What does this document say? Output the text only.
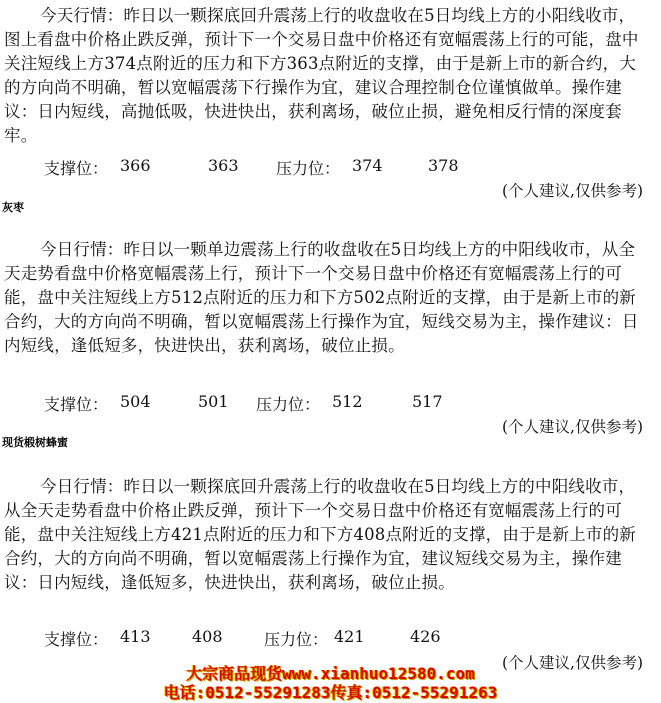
今天行情：昨日以一颗探底回升震荡上行的收盘收在5日均线上方的小阳线收市，图上看盘中价格止跌反弹，预计下一个交易日盘中价格还有宽幅震荡上行的可能，盘中关注短线上方374点附近的压力和下方363点附近的支撑，由于是新上市的新合约，大的方向尚不明确，暂以宽幅震荡下行操作为宜，建议合理控制仓位谨慎做单。操作建议：日内短线，高抛低吸，快进快出，获利离场，破位止损，避免相反行情的深度套牢。

支撑位： 366	363 压力位： 374	378
(个人建议,仅供参考)
灰枣

今日行情：昨日以一颗单边震荡上行的收盘收在5日均线上方的中阳线收市，从全天走势看盘中价格宽幅震荡上行，预计下一个交易日盘中价格还有宽幅震荡上行的可能，盘中关注短线上方512点附近的压力和下方502点附近的支撑，由于是新上市的新合约，大的方向尚不明确，暂以宽幅震荡上行操作为宜，短线交易为主，操作建议：日内短线，逢低短多，快进快出，获利离场，破位止损。

支撑位： 504	501 压力位： 512	517
(个人建议,仅供参考)
现货椴树蜂蜜

今日行情：昨日以一颗探底回升震荡上行的收盘收在5日均线上方的中阳线收市，从全天走势看盘中价格止跌反弹，预计下一个交易日盘中价格还有宽幅震荡上行的可能，盘中关注短线上方421点附近的压力和下方408点附近的支撑，由于是新上市的新合约，大的方向尚不明确，暂以宽幅震荡上行操作为宜，建议短线交易为主，操作建议：日内短线，逢低短多，快进快出，获利离场，破位止损。

支撑位： 413	408	压力位： 421	426
(个人建议,仅供参考)
大宗商品现货www.xianhuo12580.com
电话:0512-55291283传真:0512-55291263
